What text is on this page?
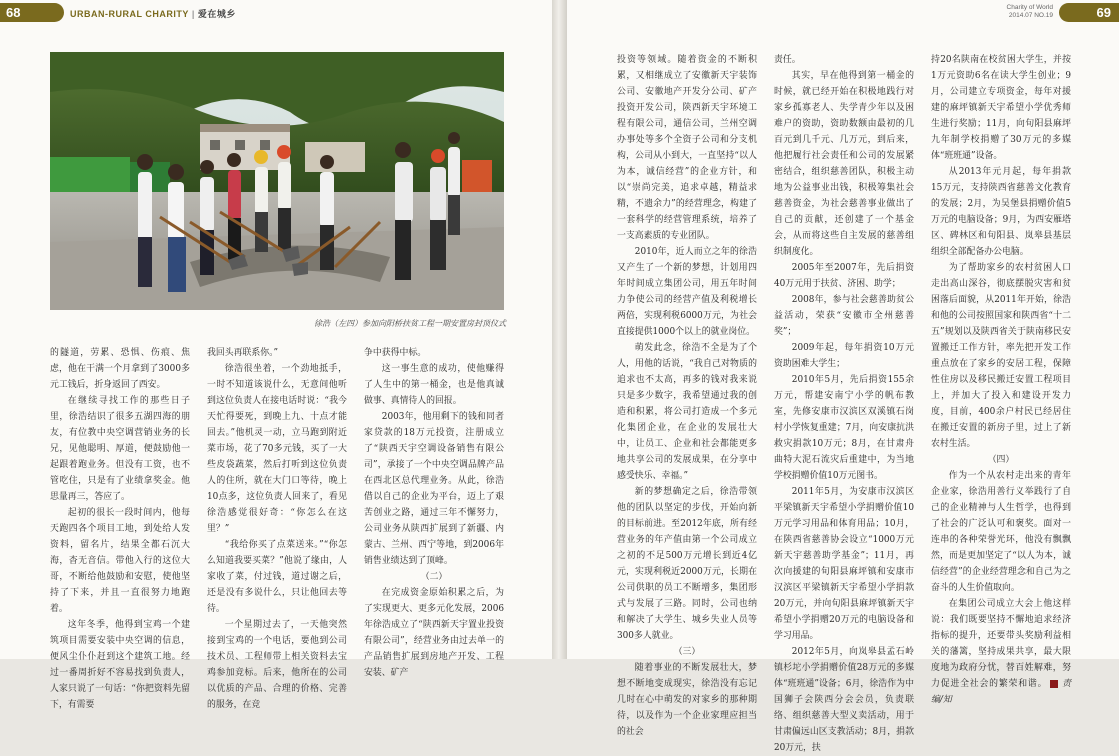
68	URBAN-RURAL CHARITY | 爱在城乡
徐浩（左四）参加向阳桥扶贫工程一期安置房封顶仪式

的隧道，劳累、恐惧、伤痕、焦虑，他在干满一个月拿到了3000多元工钱后，折身返回了西安。

在继续寻找工作的那些日子里，徐浩结识了很多五湖四海的朋友，有位教中央空调营销业务的长兄，见他聪明、厚道，便鼓励他一起跟着跑业务。但没有工资，也不管吃住，只是有了业绩拿奖金。他思量再三，答应了。

起初的很长一段时间内，他每天跑四各个项目工地，到处给人发资料，留名片，结果全都石沉大海，杳无音信。带他入行的这位大哥，不断给他鼓励和安慰，使他坚持了下来，并且一直很努力地跑着。

这年冬季，他得到宝鸡一个建筑项目需要安装中央空调的信息，便风尘仆仆赶到这个建筑工地。经过一番周折好不容易找到负责人，人家只说了一句话：“你把资料先留下，有需要

我回头再联系你。”

徐浩很坐着，一个劲地抵手，一时不知道该说什么，无意间他听到这位负责人在接电话时说：“我今天忙得要死，到晚上九、十点才能回去。”他机灵一动，立马跑到附近菜市场，花了70多元钱，买了一大些皮袋蔬菜，然后打听到这位负责人的住所，就在大门口等待，晚上10点多，这位负责人回来了，看见徐浩感觉很好奇：“你怎么在这里？”

“我给你买了点菜送来。”“你怎么知道我要买菜？”他说了缘由，人家收了菜，付过钱，道过谢之后，还是没有多说什么，只让他回去等待。

一个星期过去了，一天他突然接到宝鸡的一个电话，要他到公司技术员、工程师带上相关资料去宝鸡参加竞标。后来，他所在的公司以优质的产品、合理的价格、完善的服务，在竞

争中获得中标。

这一事生意的成功，使他赚得了人生中的第一桶金，也是他真诚做事、真情待人的回报。

2003年，他用剩下的钱和同者家贷款的18万元投资，注册成立了“陕西天宇空调设备销售有限公司”，承接了一个中央空调品牌产品在西北区总代理业务。从此，徐浩借以自己的企业为平台，迈上了艰苦创业之路，通过三年不懈努力，公司业务从陕西扩展到了新疆、内蒙古、兰州、西宁等地，到2006年销售业绩达到了顶峰。

（二）

在完成资金原始积累之后，为了实现更大、更多元化发展，2006年徐浩成立了“陕西新天宇置业投资有限公司”，经营业务由过去单一的产品销售扩展到房地产开发、工程安装、矿产

Charity of World
2014.07 NO.19	69

投资等领域。随着资金的不断积累，又相继成立了安徽新天宇装饰公司、安徽地产开发分公司、矿产投资开发公司，陕西新天宇环境工程有限公司，通信公司，兰州空调办事处等多个全资子公司和分支机构，公司从小到大，一直坚持“以人为本，诚信经营”的企业方针，和以“崇尚完美，追求卓越，精益求精，不遗余力”的经营理念，构建了一套科学的经营管理系统，培养了一支高素质的专业团队。

2010年，近人而立之年的徐浩又产生了一个新的梦想，计划用四年时间成立集团公司，用五年时间力争使公司的经营产值及利税增长两倍，实现利税6000万元，为社会直接提供1000个以上的就业岗位。

萌发此念，徐浩不全是为了个人，用他的话说，“我自己对物质的追求也不太高，再多的钱对我来说只是多少数字，我希望通过我的创造和积累，将公司打造成一个多元化集团企业，在企业的发展壮大中，让员工、企业和社会都能更多地共享公司的发展成果，在分享中感受快乐、幸福。”

新的梦想确定之后，徐浩带领他的团队以坚定的步伐，开始向新的目标前进。至2012年底，所有经营业务的年产值由第一个公司成立之初的不足500万元增长到近4亿元，实现利税近2000万元，长期在公司供职的员工不断增多，集团形式与发展了三路。同时，公司也纳和解决了大学生、城乡失业人员等300多人就业。

（三）

随着事业的不断发展壮大，梦想不断地变成现实，徐浩没有忘记几时在心中萌发的对家乡的那种期待，以及作为一个企业家理应担当的社会

责任。

其实，早在他得到第一桶金的时候，就已经开始在积极地践行对家乡孤寡老人、失学青少年以及困难户的资助，资助数额由最初的几百元到几千元、几万元，到后来，他把履行社会责任和公司的发展紧密结合，组织慈善团队，积极主动地为公益事业出钱，积极筹集社会慈善资金，为社会慈善事业做出了自己的贡献，还创建了一个基金会，从而将这些自主发展的慈善组织制度化。

2005年至2007年，先后捐资40万元用于扶贫、济困、助学；

2008年，参与社会慈善助贫公益活动，荣获“安徽市全州慈善奖”；

2009年起，每年捐资10万元资助困难大学生；

2010年5月，先后捐资155余万元，帮建安南宁小学的帆布教室，先修安康市汉滨区双溪镇石岗村小学恢复重建；7月，向安康抗洪救灾捐款10万元；8月，在甘肃舟曲特大泥石流灾后重建中，为当地学校捐赠价值10万元图书。

2011年5月，为安康市汉滨区平梁镇新天宇希望小学捐赠价值10万元学习用品和体育用品；10月，在陕西省慈善协会设立“1000万元新天宇慈善助学基金”；11月，再次向援建的旬阳县麻坪镇和安康市汉滨区平梁镇新天宇希望小学捐款20万元，并向旬阳县麻坪镇新天宇希望小学捐赠20万元的电脑设备和学习用品。

2012年5月，向岚皋县孟石岭镇杉坨小学捐赠价值28万元的多媒体“班班通”设备；6月，徐浩作为中国狮子会陕西分会会员，负责联络、组织慈善大型义卖活动，用于甘肃偏远山区支教活动；8月，捐款20万元，扶

持20名陕南在校贫困大学生，并按1万元资助6名在读大学生创业；9月，公司建立专项资金，每年对援建的麻坪镇新天宇希望小学优秀师生进行奖励；11月，向旬阳县麻坪九年制学校捐赠了30万元的多媒体“班班通”设备。

从2013年元月起，每年捐款15万元，支持陕西省慈善文化教育的发展；2月，为吴堡县捐赠价值5万元的电脑设备；9月，为西安雁塔区、碑林区和旬阳县、岚皋县基层组织全部配备办公电脑。

为了帮助家乡的农村贫困人口走出高山深谷，彻底摆脱灾害和贫困落后面貌，从2011年开始，徐浩和他的公司按照国家和陕西省“十二五”规划以及陕西省关于陕南移民安置搬迁工作方针，率先把开发工作重点放在了家乡的安居工程，保障性住房以及移民搬迁安置工程项目上，并加大了投入和建设开发力度，目前，400余户村民已经居住在搬迁安置的新房子里，过上了新农村生活。

（四）

作为一个从农村走出来的青年企业家，徐浩用善行义举践行了自己的企业精神与人生哲学，也得到了社会的广泛认可和褒奖。面对一连串的各种荣誉光环，他没有飘飘然，而是更加坚定了“以人为本，诚信经营”的企业经营理念和自己为之奋斗的人生价值取向。

在集团公司成立大会上他这样说：我们既要坚持不懈地追求经济指标的提升，还要带头奖励利益相关的藩篱，坚持成果共享，最大限度地为政府分忧，替百姓解难，努力促进全社会的繁荣和谐。 责编/知
